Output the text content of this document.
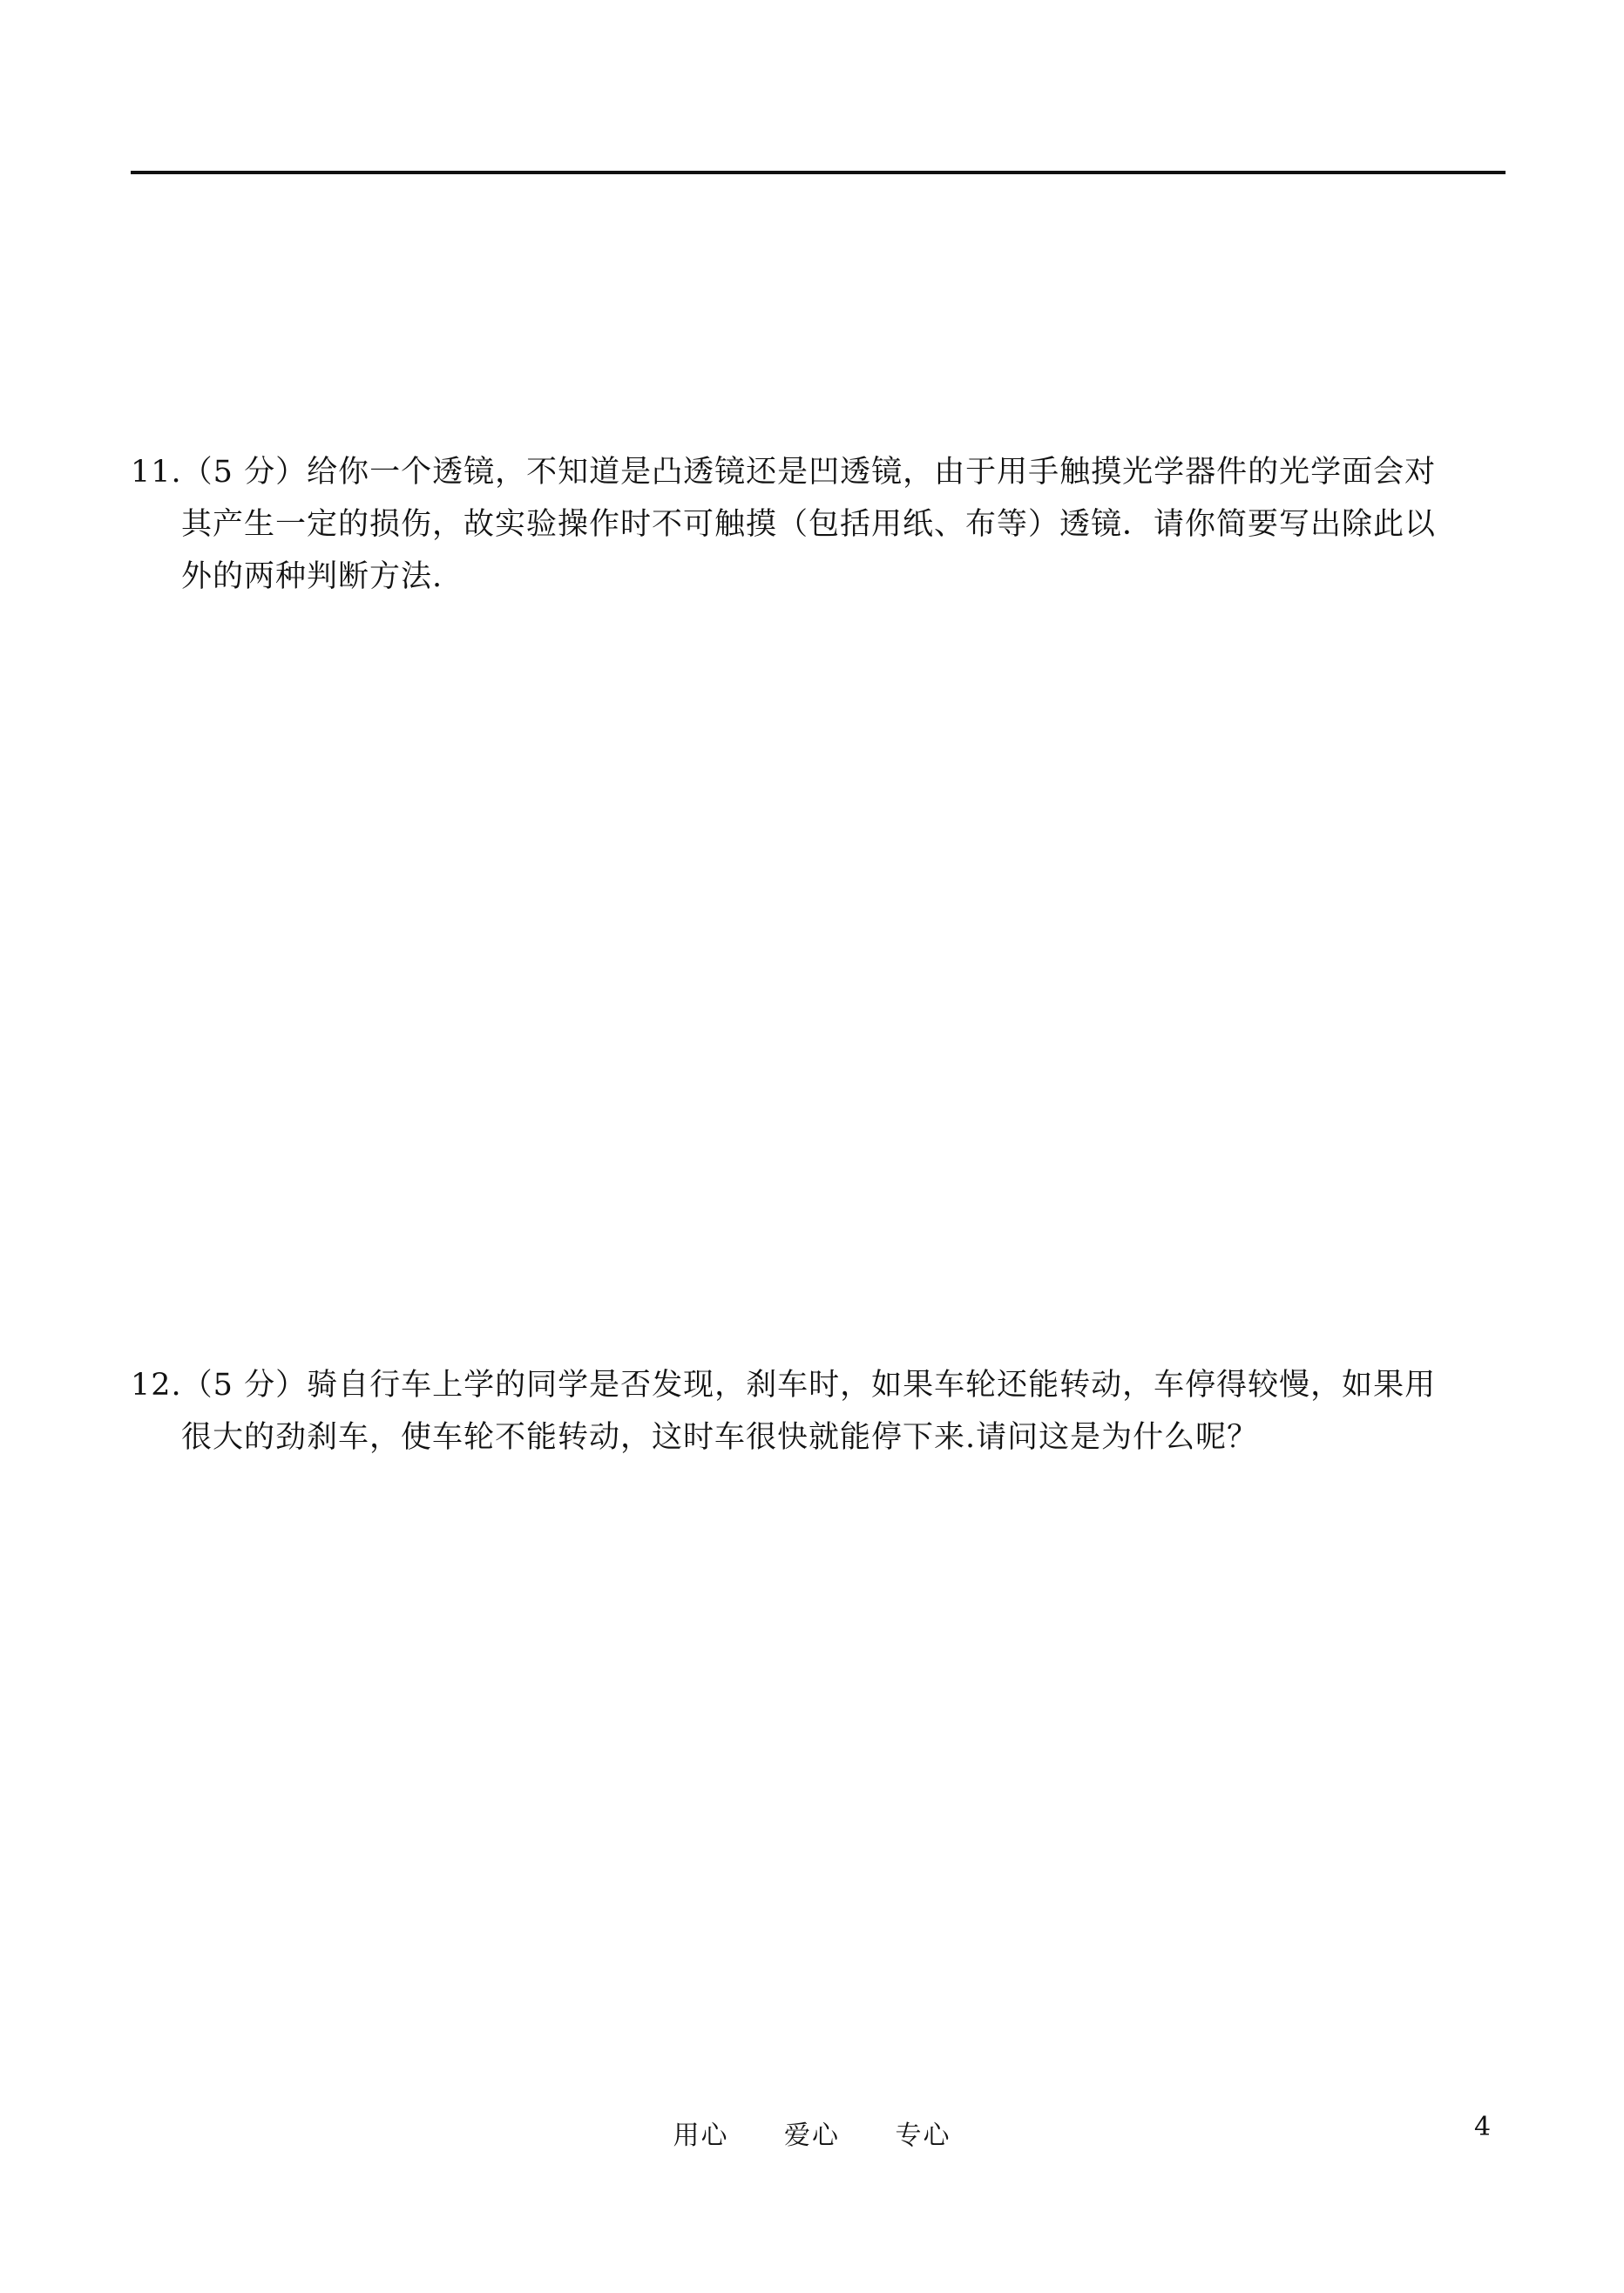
11.（5 分）给你一个透镜，不知道是凸透镜还是凹透镜，由于用手触摸光学器件的光学面会对
其产生一定的损伤，故实验操作时不可触摸（包括用纸、布等）透镜．请你简要写出除此以
外的两种判断方法.
12.（5 分）骑自行车上学的同学是否发现，刹车时，如果车轮还能转动，车停得较慢，如果用
很大的劲刹车，使车轮不能转动，这时车很快就能停下来.请问这是为什么呢？
用心 爱心 专心	4
